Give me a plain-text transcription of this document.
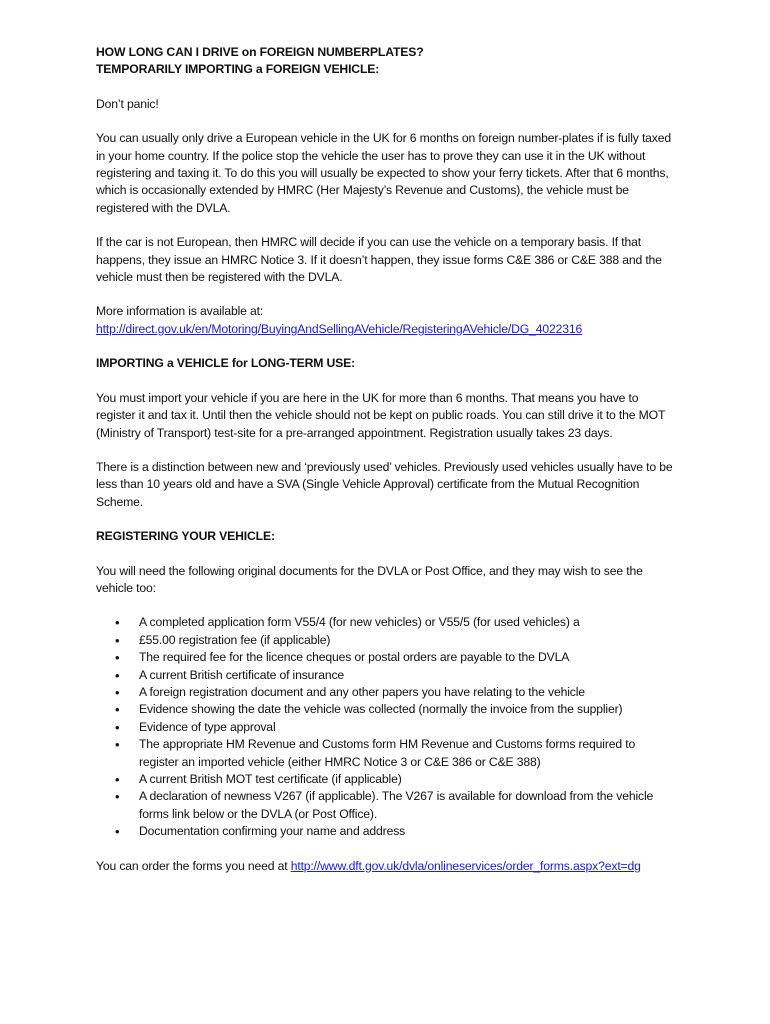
HOW LONG CAN I DRIVE on FOREIGN NUMBERPLATES?
TEMPORARILY IMPORTING a FOREIGN VEHICLE:

Don’t panic!

You can usually only drive a European vehicle in the UK for 6 months on foreign number-plates if is fully taxed in your home country. If the police stop the vehicle the user has to prove they can use it in the UK without registering and taxing it. To do this you will usually be expected to show your ferry tickets. After that 6 months, which is occasionally extended by HMRC (Her Majesty’s Revenue and Customs), the vehicle must be registered with the DVLA.

If the car is not European, then HMRC will decide if you can use the vehicle on a temporary basis. If that happens, they issue an HMRC Notice 3. If it doesn’t happen, they issue forms C&E 386 or C&E 388 and the vehicle must then be registered with the DVLA.

More information is available at:
http://direct.gov.uk/en/Motoring/BuyingAndSellingAVehicle/RegisteringAVehicle/DG_4022316

IMPORTING a VEHICLE for LONG-TERM USE:

You must import your vehicle if you are here in the UK for more than 6 months. That means you have to register it and tax it. Until then the vehicle should not be kept on public roads. You can still drive it to the MOT (Ministry of Transport) test-site for a pre-arranged appointment. Registration usually takes 23 days.

There is a distinction between new and ‘previously used’ vehicles. Previously used vehicles usually have to be less than 10 years old and have a SVA (Single Vehicle Approval) certificate from the Mutual Recognition Scheme.

REGISTERING YOUR VEHICLE:

You will need the following original documents for the DVLA or Post Office, and they may wish to see the vehicle too:

• A completed application form V55/4 (for new vehicles) or V55/5 (for used vehicles) a
• £55.00 registration fee (if applicable)
• The required fee for the licence cheques or postal orders are payable to the DVLA
• A current British certificate of insurance
• A foreign registration document and any other papers you have relating to the vehicle
• Evidence showing the date the vehicle was collected (normally the invoice from the supplier)
• Evidence of type approval
• The appropriate HM Revenue and Customs form HM Revenue and Customs forms required to register an imported vehicle (either HMRC Notice 3 or C&E 386 or C&E 388)
• A current British MOT test certificate (if applicable)
• A declaration of newness V267 (if applicable). The V267 is available for download from the vehicle forms link below or the DVLA (or Post Office).
• Documentation confirming your name and address

You can order the forms you need at http://www.dft.gov.uk/dvla/onlineservices/order_forms.aspx?ext=dg
